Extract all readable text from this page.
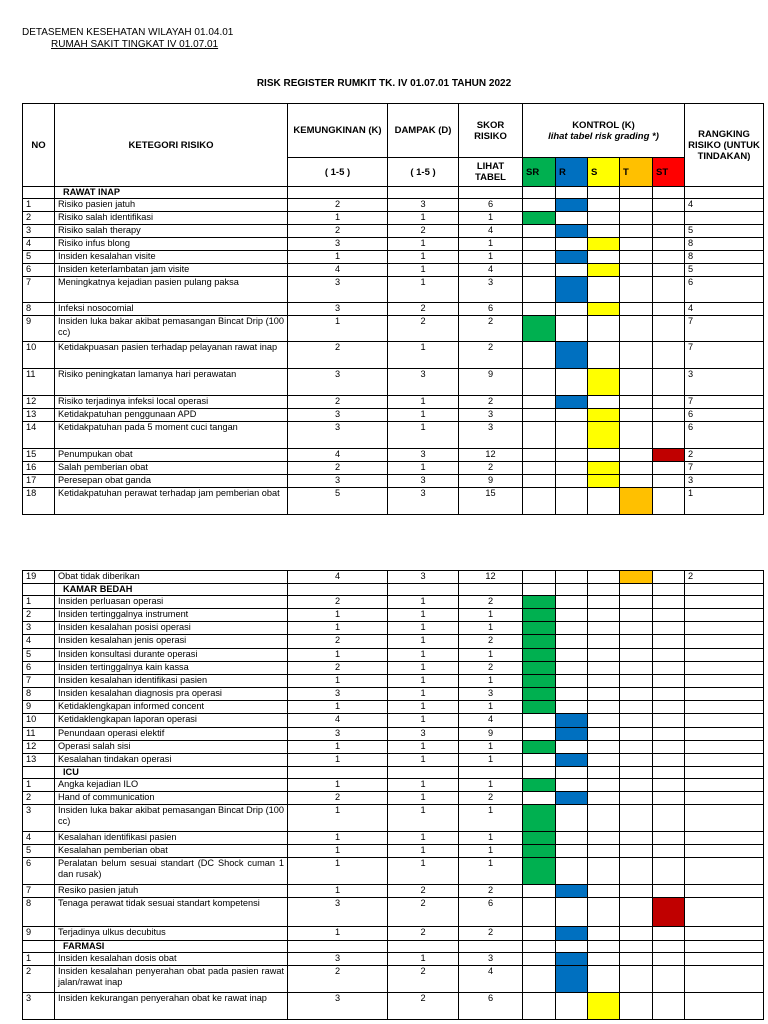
DETASEMEN KESEHATAN WILAYAH 01.04.01
RUMAH SAKIT TINGKAT IV 01.07.01
RISK REGISTER RUMKIT TK. IV 01.07.01 TAHUN 2022
NO	KETEGORI RISIKO	KEMUNGKINAN (K)	DAMPAK (D)	SKOR RISIKO	KONTROL (K)
lihat tabel risk grading *)					RANGKING RISIKO (UNTUK TINDAKAN)
		( 1-5 )	( 1-5 )	LIHAT TABEL	SR	R	S	T	ST	
	RAWAT INAP									
1	Risiko pasien jatuh	2	3	6						4
2	Risiko salah identifikasi	1	1	1						
3	Risiko salah therapy	2	2	4						5
4	Risiko infus blong	3	1	1						8
5	Insiden kesalahan visite	1	1	1						8
6	Insiden keterlambatan jam visite	4	1	4						5
7	Meningkatnya kejadian pasien pulang paksa	3	1	3						6
8	Infeksi nosocomial	3	2	6						4
9	Insiden luka bakar akibat pemasangan Bincat Drip (100 cc)	1	2	2						7
10	Ketidakpuasan pasien terhadap pelayanan rawat inap	2	1	2						7
11	Risiko peningkatan lamanya hari perawatan	3	3	9						3
12	Risiko terjadinya infeksi local operasi	2	1	2						7
13	Ketidakpatuhan penggunaan APD	3	1	3						6
14	Ketidakpatuhan pada 5 moment cuci tangan	3	1	3						6
15	Penumpukan obat	4	3	12						2
16	Salah pemberian obat	2	1	2						7
17	Peresepan obat ganda	3	3	9						3
18	Ketidakpatuhan perawat terhadap jam pemberian obat	5	3	15						1
19	Obat tidak diberikan	4	3	12						2
	KAMAR BEDAH									
1	Insiden perluasan operasi	2	1	2						
2	Insiden tertinggalnya instrument	1	1	1						
3	Insiden kesalahan posisi operasi	1	1	1						
4	Insiden kesalahan jenis operasi	2	1	2						
5	Insiden konsultasi durante operasi	1	1	1						
6	Insiden tertinggalnya kain kassa	2	1	2						
7	Insiden kesalahan identifikasi pasien	1	1	1						
8	Insiden kesalahan diagnosis pra operasi	3	1	3						
9	Ketidaklengkapan informed concent	1	1	1						
10	Ketidaklengkapan laporan operasi	4	1	4						
11	Penundaan operasi elektif	3	3	9						
12	Operasi salah sisi	1	1	1						
13	Kesalahan tindakan operasi	1	1	1						
	ICU									
1	Angka kejadian ILO	1	1	1						
2	Hand of communication	2	1	2						
3	Insiden luka bakar akibat pemasangan Bincat Drip (100 cc)	1	1	1						
4	Kesalahan identifikasi pasien	1	1	1						
5	Kesalahan pemberian obat	1	1	1						
6	Peralatan belum sesuai standart (DC Shock cuman 1 dan rusak)	1	1	1						
7	Resiko pasien jatuh	1	2	2						
8	Tenaga perawat tidak sesuai standart kompetensi	3	2	6						
9	Terjadinya ulkus decubitus	1	2	2						
	FARMASI									
1	Insiden kesalahan dosis obat	3	1	3						
2	Insiden kesalahan penyerahan obat pada pasien rawat jalan/rawat inap	2	2	4						
3	Insiden kekurangan penyerahan obat ke rawat inap	3	2	6						
